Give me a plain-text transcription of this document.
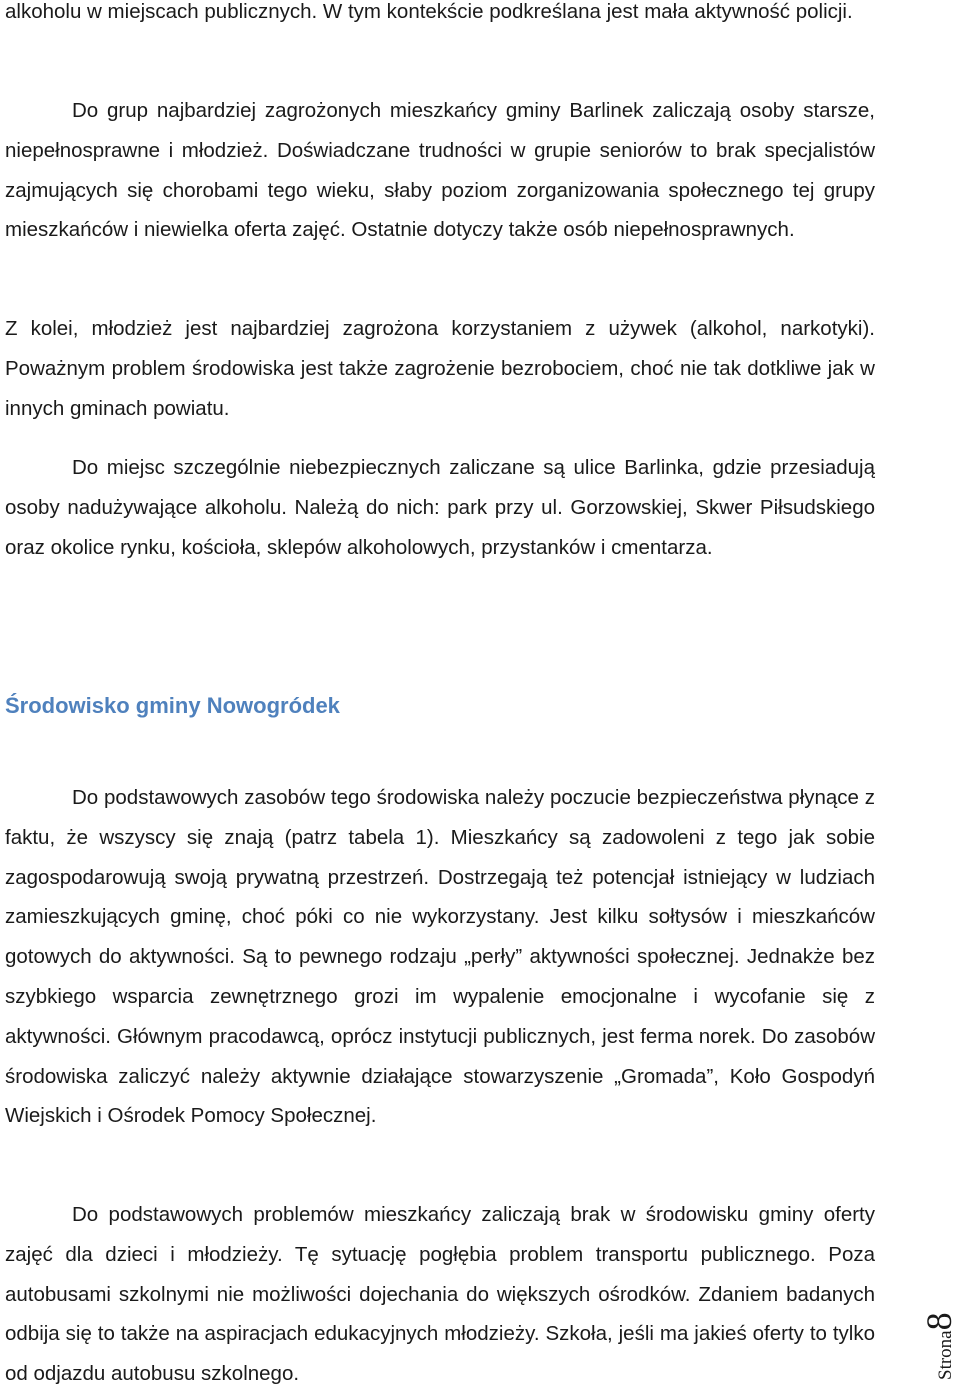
alkoholu w miejscach publicznych. W tym kontekście podkreślana jest mała aktywność policji.

Do grup najbardziej zagrożonych mieszkańcy gminy Barlinek zaliczają osoby starsze, niepełnosprawne i młodzież. Doświadczane trudności w grupie seniorów to brak specjalistów zajmujących się chorobami tego wieku, słaby poziom zorganizowania społecznego tej grupy mieszkańców i niewielka oferta zajęć. Ostatnie dotyczy także osób niepełnosprawnych.

Z kolei, młodzież jest najbardziej zagrożona korzystaniem z używek (alkohol, narkotyki). Poważnym problem środowiska jest także zagrożenie bezrobociem, choć nie tak dotkliwe jak w innych gminach powiatu.

Do miejsc szczególnie niebezpiecznych zaliczane są ulice Barlinka, gdzie przesiadują osoby nadużywające alkoholu. Należą do nich: park przy ul. Gorzowskiej, Skwer Piłsudskiego oraz okolice rynku, kościoła, sklepów alkoholowych, przystanków i cmentarza.

Środowisko gminy Nowogródek

Do podstawowych zasobów tego środowiska należy poczucie bezpieczeństwa płynące z faktu, że wszyscy się znają (patrz tabela 1). Mieszkańcy są zadowoleni z tego jak sobie zagospodarowują swoją prywatną przestrzeń. Dostrzegają też potencjał istniejący w ludziach zamieszkujących gminę, choć póki co nie wykorzystany. Jest kilku sołtysów i mieszkańców gotowych do aktywności. Są to pewnego rodzaju „perły” aktywności społecznej. Jednakże bez szybkiego wsparcia zewnętrznego grozi im wypalenie emocjonalne i wycofanie się z aktywności. Głównym pracodawcą, oprócz instytucji publicznych, jest ferma norek. Do zasobów środowiska zaliczyć należy aktywnie działające stowarzyszenie „Gromada”, Koło Gospodyń Wiejskich i Ośrodek Pomocy Społecznej.

Do podstawowych problemów mieszkańcy zaliczają brak w środowisku gminy oferty zajęć dla dzieci i młodzieży. Tę sytuację pogłębia problem transportu publicznego. Poza autobusami szkolnymi nie możliwości dojechania do większych ośrodków. Zdaniem badanych odbija się to także na aspiracjach edukacyjnych młodzieży. Szkoła, jeśli ma jakieś oferty to tylko od odjazdu autobusu szkolnego.	Strona8
